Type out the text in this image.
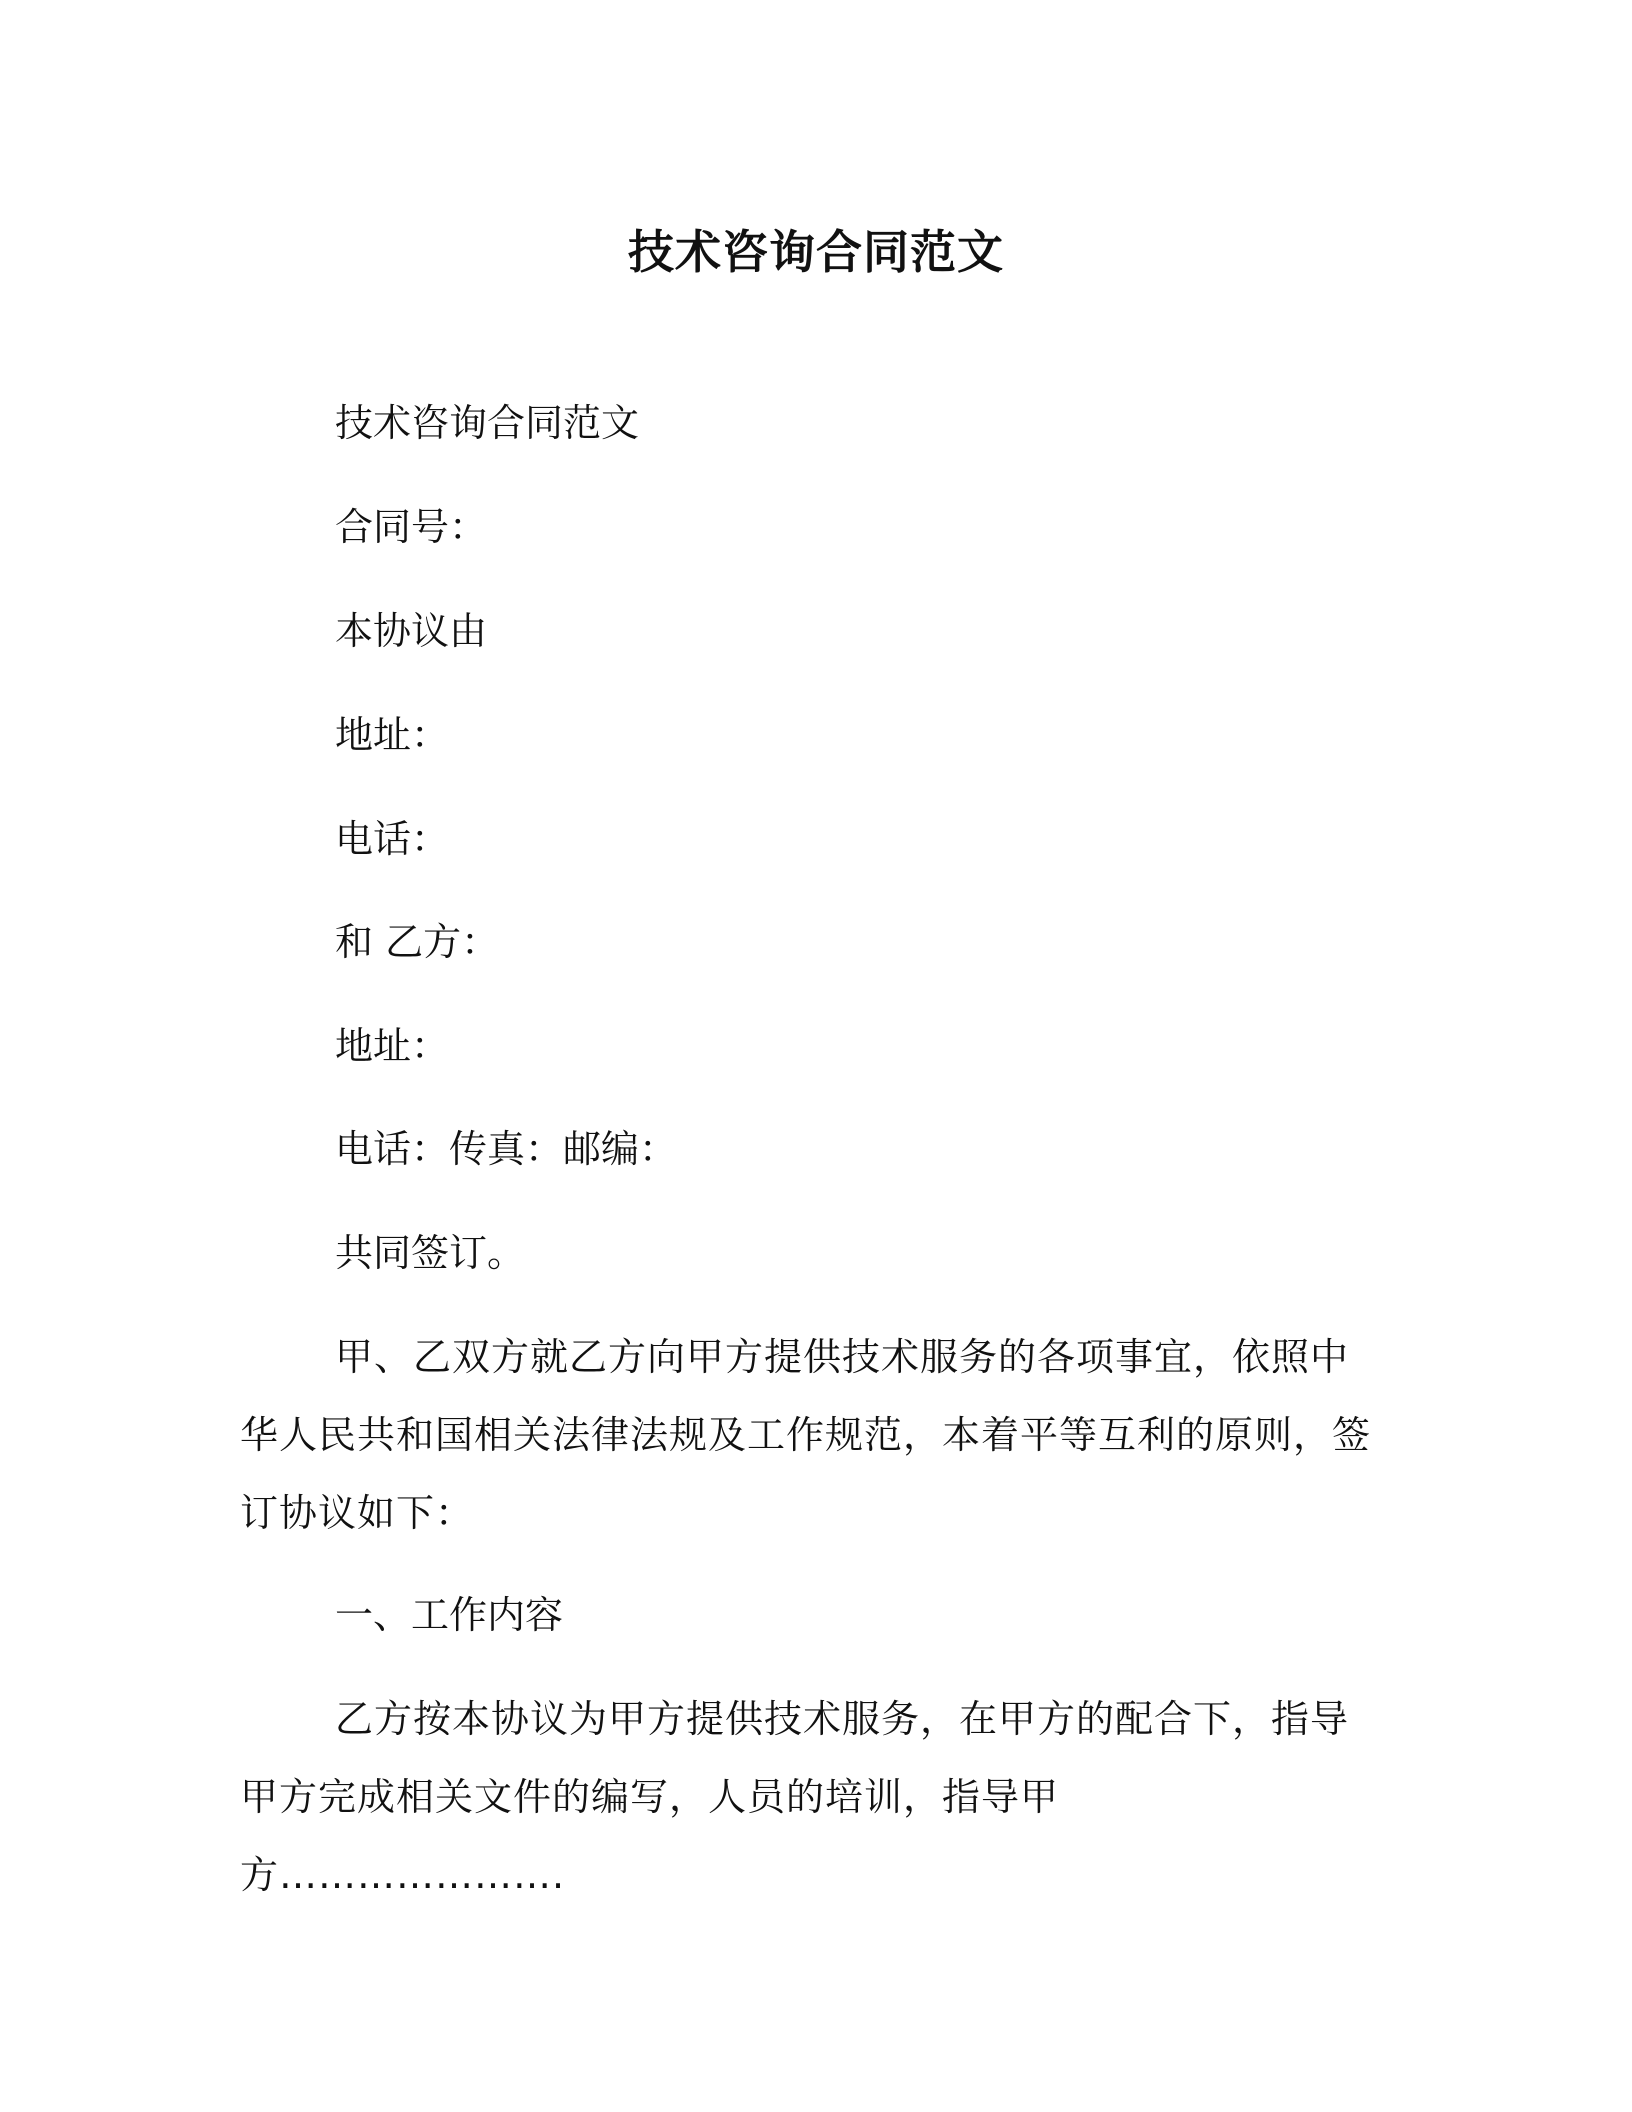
技术咨询合同范文
技术咨询合同范文
合同号：
本协议由
地址：
电话：
和 乙方：
地址：
电话：传真：邮编：
共同签订。
甲、乙双方就乙方向甲方提供技术服务的各项事宜，依照中华人民共和国相关法律法规及工作规范，本着平等互利的原则，签订协议如下：
一、工作内容
乙方按本协议为甲方提供技术服务，在甲方的配合下，指导甲方完成相关文件的编写，人员的培训，指导甲方………………….
